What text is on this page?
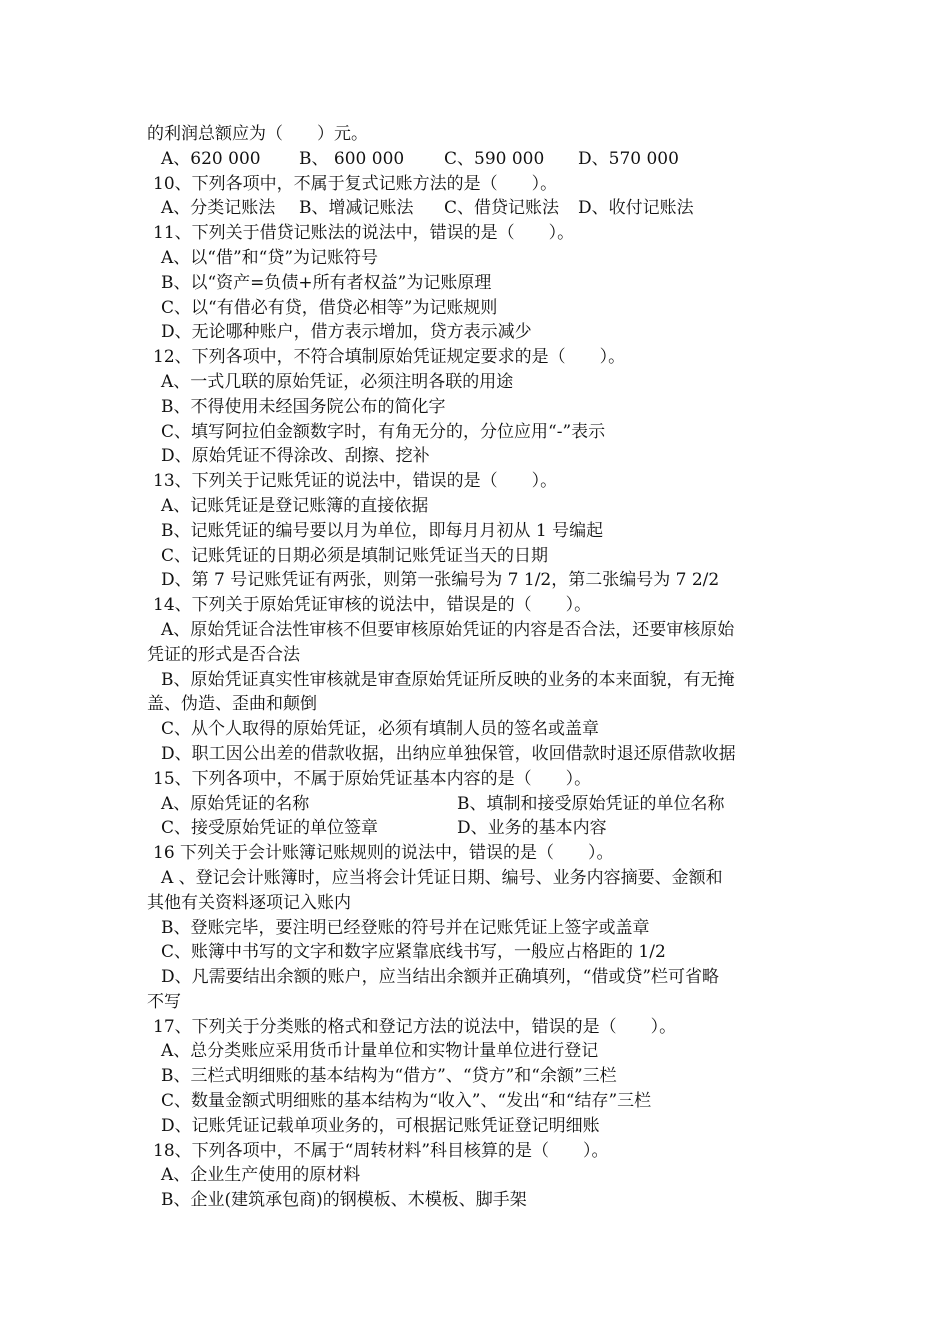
的利润总额应为（　　）元。
A、620 000	B、 600 000	C、590 000	D、570 000
10、下列各项中，不属于复式记账方法的是（　　）。
A、分类记账法	B、增减记账法	C、借贷记账法	D、收付记账法
11、下列关于借贷记账法的说法中，错误的是（　　）。
A、以“借”和“贷”为记账符号
B、以“资产=负债+所有者权益”为记账原理
C、以“有借必有贷，借贷必相等”为记账规则
D、无论哪种账户，借方表示增加，贷方表示减少
12、下列各项中，不符合填制原始凭证规定要求的是（　　）。
A、一式几联的原始凭证，必须注明各联的用途
B、不得使用未经国务院公布的简化字
C、填写阿拉伯金额数字时，有角无分的，分位应用“-”表示
D、原始凭证不得涂改、刮擦、挖补
13、下列关于记账凭证的说法中，错误的是（　　）。
A、记账凭证是登记账簿的直接依据
B、记账凭证的编号要以月为单位，即每月月初从 1 号编起
C、记账凭证的日期必须是填制记账凭证当天的日期
D、第 7 号记账凭证有两张，则第一张编号为 7 1/2，第二张编号为 7 2/2
14、下列关于原始凭证审核的说法中，错误是的（　　）。
A、原始凭证合法性审核不但要审核原始凭证的内容是否合法，还要审核原始
凭证的形式是否合法
B、原始凭证真实性审核就是审查原始凭证所反映的业务的本来面貌，有无掩
盖、伪造、歪曲和颠倒
C、从个人取得的原始凭证，必须有填制人员的签名或盖章
D、职工因公出差的借款收据，出纳应单独保管，收回借款时退还原借款收据
15、下列各项中，不属于原始凭证基本内容的是（　　）。
A、原始凭证的名称	B、填制和接受原始凭证的单位名称
C、接受原始凭证的单位签章	D、业务的基本内容
16 下列关于会计账簿记账规则的说法中，错误的是（　　）。
A 、登记会计账簿时，应当将会计凭证日期、编号、业务内容摘要、金额和
其他有关资料逐项记入账内
B、登账完毕，要注明已经登账的符号并在记账凭证上签字或盖章
C、账簿中书写的文字和数字应紧靠底线书写，一般应占格距的 1/2
D、凡需要结出余额的账户，应当结出余额并正确填列，“借或贷”栏可省略
不写
17、下列关于分类账的格式和登记方法的说法中，错误的是（　　）。
A、总分类账应采用货币计量单位和实物计量单位进行登记
B、三栏式明细账的基本结构为“借方”、“贷方”和“余额”三栏
C、数量金额式明细账的基本结构为“收入”、“发出“和“结存”三栏
D、记账凭证记载单项业务的，可根据记账凭证登记明细账
18、下列各项中，不属于“周转材料”科目核算的是（　　）。
A、企业生产使用的原材料
B、企业(建筑承包商)的钢模板、木模板、脚手架
